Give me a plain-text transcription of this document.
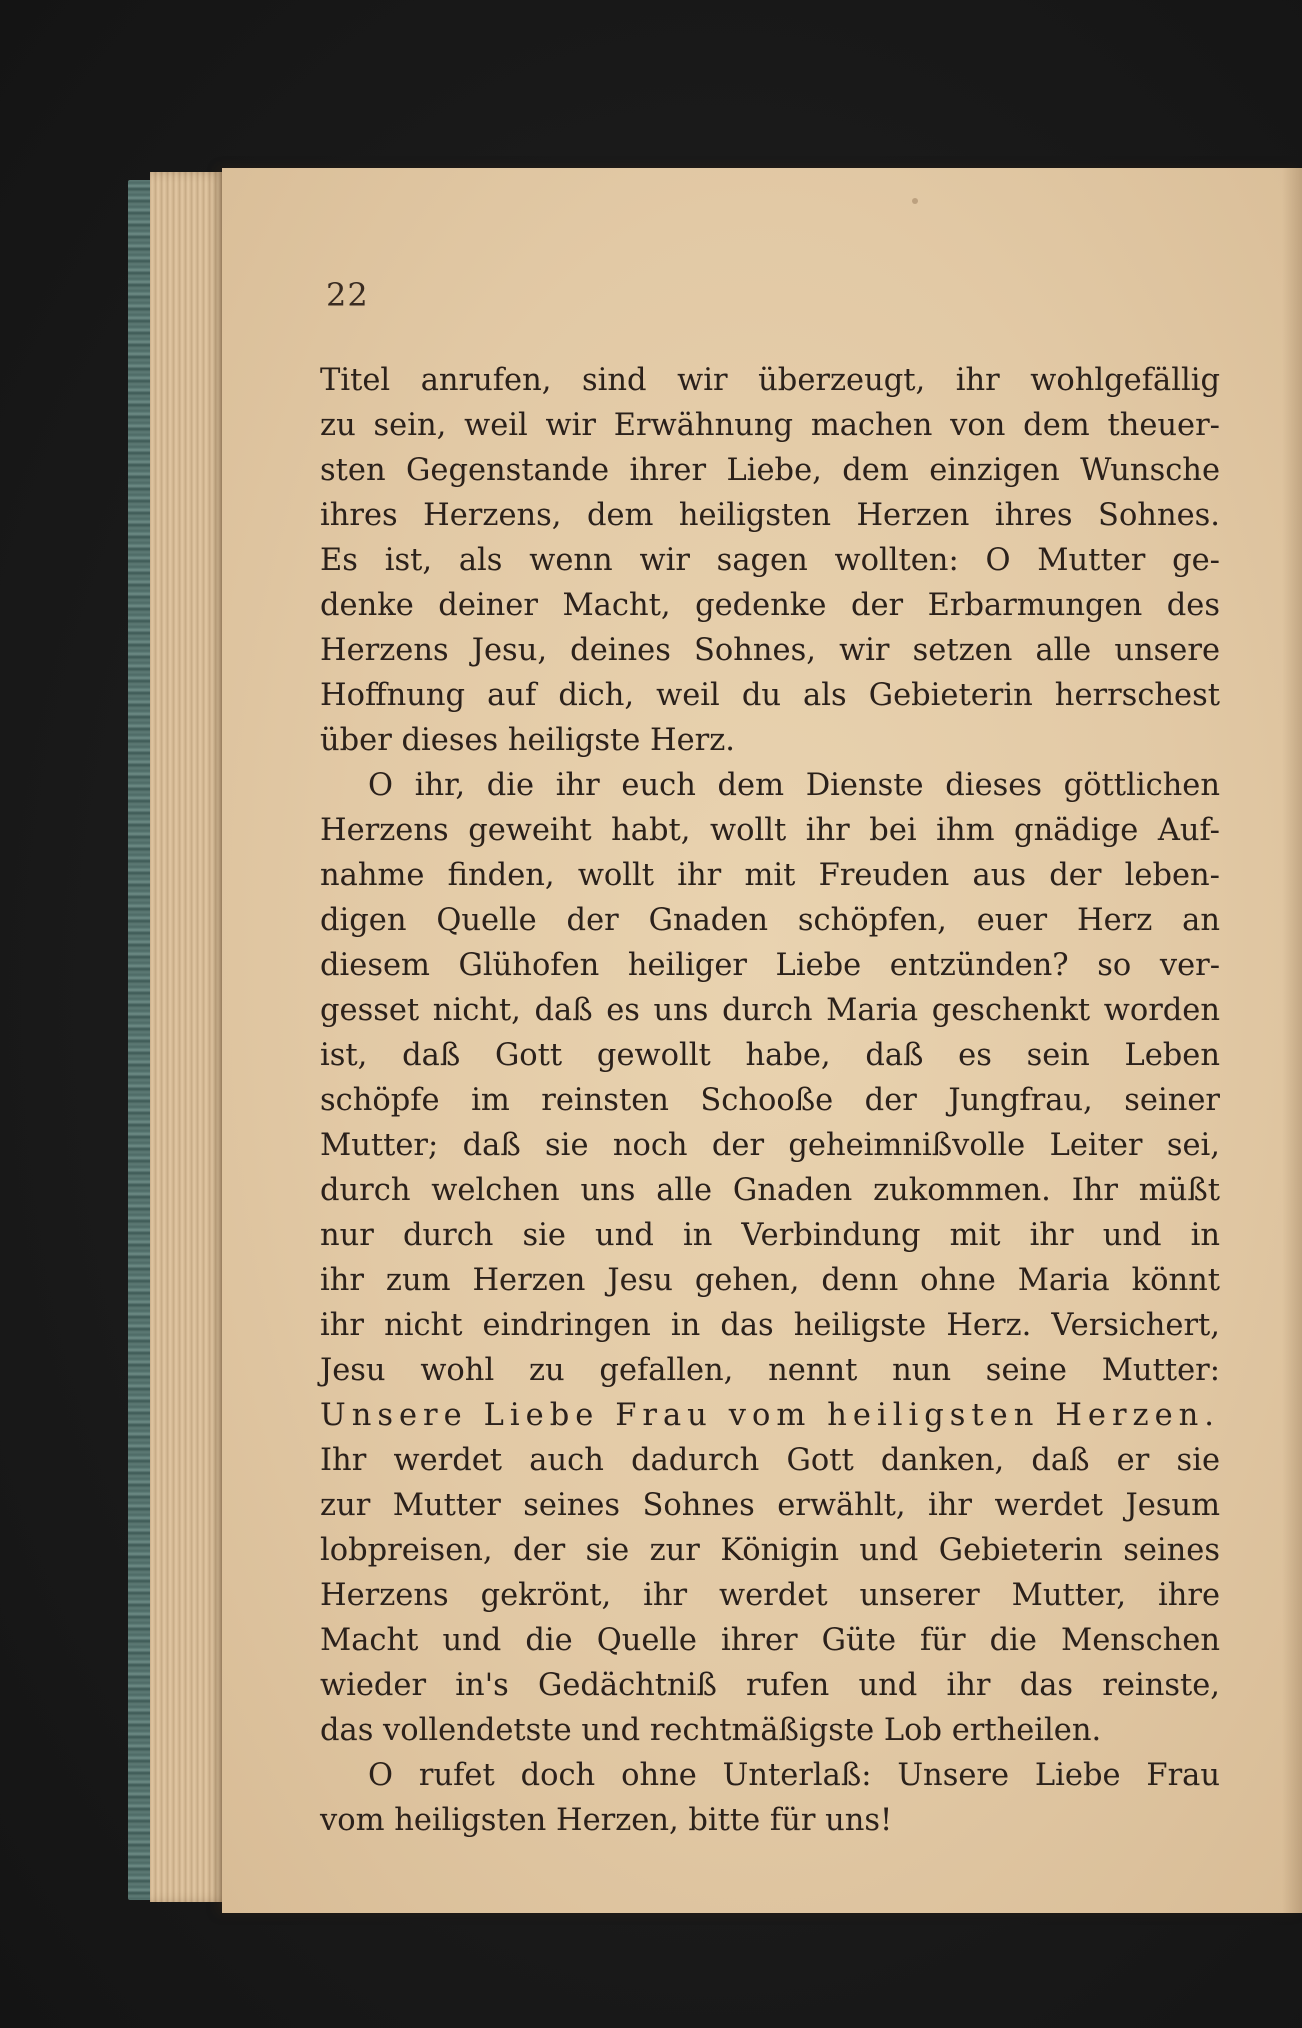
22
Titel anrufen, sind wir überzeugt, ihr wohlgefällig
zu sein, weil wir Erwähnung machen von dem theuer-
sten Gegenstande ihrer Liebe, dem einzigen Wunsche
ihres Herzens, dem heiligsten Herzen ihres Sohnes.
Es ist, als wenn wir sagen wollten: O Mutter ge-
denke deiner Macht, gedenke der Erbarmungen des
Herzens Jesu, deines Sohnes, wir setzen alle unsere
Hoffnung auf dich, weil du als Gebieterin herrschest
über dieses heiligste Herz.
O ihr, die ihr euch dem Dienste dieses göttlichen
Herzens geweiht habt, wollt ihr bei ihm gnädige Auf-
nahme finden, wollt ihr mit Freuden aus der leben-
digen Quelle der Gnaden schöpfen, euer Herz an
diesem Glühofen heiliger Liebe entzünden? so ver-
gesset nicht, daß es uns durch Maria geschenkt worden
ist, daß Gott gewollt habe, daß es sein Leben
schöpfe im reinsten Schooße der Jungfrau, seiner
Mutter; daß sie noch der geheimnißvolle Leiter sei,
durch welchen uns alle Gnaden zukommen. Ihr müßt
nur durch sie und in Verbindung mit ihr und in
ihr zum Herzen Jesu gehen, denn ohne Maria könnt
ihr nicht eindringen in das heiligste Herz. Versichert,
Jesu wohl zu gefallen, nennt nun seine Mutter:
Unsere Liebe Frau vom heiligsten Herzen.
Ihr werdet auch dadurch Gott danken, daß er sie
zur Mutter seines Sohnes erwählt, ihr werdet Jesum
lobpreisen, der sie zur Königin und Gebieterin seines
Herzens gekrönt, ihr werdet unserer Mutter, ihre
Macht und die Quelle ihrer Güte für die Menschen
wieder in's Gedächtniß rufen und ihr das reinste,
das vollendetste und rechtmäßigste Lob ertheilen.
O rufet doch ohne Unterlaß: Unsere Liebe Frau
vom heiligsten Herzen, bitte für uns!
